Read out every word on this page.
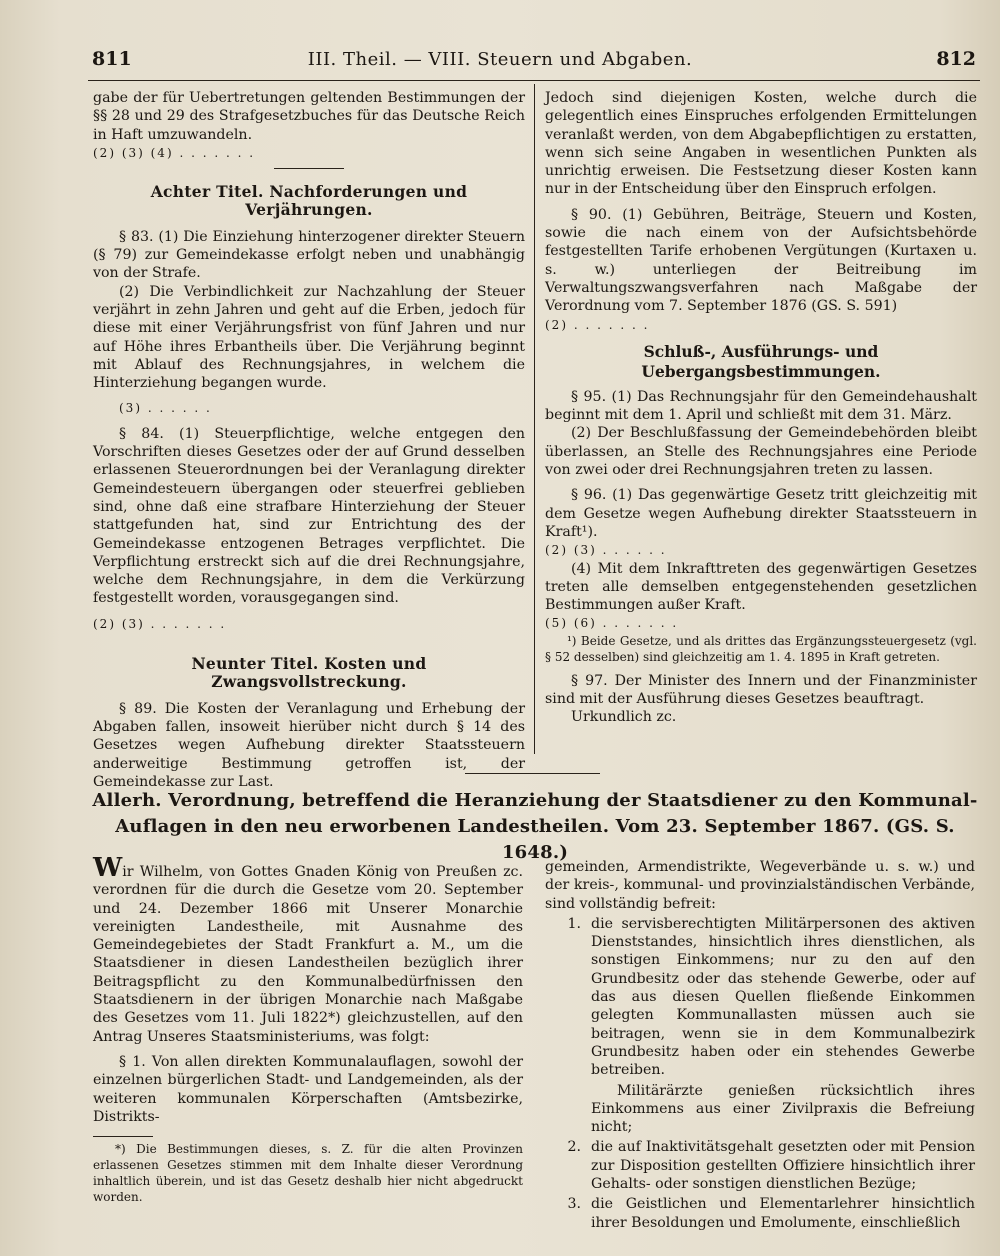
811	III. Theil. — VIII. Steuern und Abgaben.	812

gabe der für Uebertretungen geltenden Bestimmungen der §§ 28 und 29 des Strafgesetzbuches für das Deutsche Reich in Haft umzuwandeln.

(2) (3) (4) . . . . . . .

Achter Titel. Nachforderungen und Verjährungen.

§ 83. (1) Die Einziehung hinterzogener direkter Steuern (§ 79) zur Gemeindekasse erfolgt neben und unabhängig von der Strafe.

(2) Die Verbindlichkeit zur Nachzahlung der Steuer verjährt in zehn Jahren und geht auf die Erben, jedoch für diese mit einer Verjährungsfrist von fünf Jahren und nur auf Höhe ihres Erbantheils über. Die Verjährung beginnt mit Ablauf des Rechnungsjahres, in welchem die Hinterziehung begangen wurde.

(3) . . . . . .

§ 84. (1) Steuerpflichtige, welche entgegen den Vorschriften dieses Gesetzes oder der auf Grund desselben erlassenen Steuerordnungen bei der Veranlagung direkter Gemeindesteuern übergangen oder steuerfrei geblieben sind, ohne daß eine strafbare Hinterziehung der Steuer stattgefunden hat, sind zur Entrichtung des der Gemeindekasse entzogenen Betrages verpflichtet. Die Verpflichtung erstreckt sich auf die drei Rechnungsjahre, welche dem Rechnungsjahre, in dem die Verkürzung festgestellt worden, vorausgegangen sind.

(2) (3) . . . . . . .

Neunter Titel. Kosten und Zwangsvollstreckung.

§ 89. Die Kosten der Veranlagung und Erhebung der Abgaben fallen, insoweit hierüber nicht durch § 14 des Gesetzes wegen Aufhebung direkter Staatssteuern anderweitige Bestimmung getroffen ist, der Gemeindekasse zur Last.

Jedoch sind diejenigen Kosten, welche durch die gelegentlich eines Einspruches erfolgenden Ermittelungen veranlaßt werden, von dem Abgabepflichtigen zu erstatten, wenn sich seine Angaben in wesentlichen Punkten als unrichtig erweisen. Die Festsetzung dieser Kosten kann nur in der Entscheidung über den Einspruch erfolgen.

§ 90. (1) Gebühren, Beiträge, Steuern und Kosten, sowie die nach einem von der Aufsichtsbehörde festgestellten Tarife erhobenen Vergütungen (Kurtaxen u. s. w.) unterliegen der Beitreibung im Verwaltungszwangsverfahren nach Maßgabe der Verordnung vom 7. September 1876 (GS. S. 591)

(2) . . . . . . .

Schluß-, Ausführungs- und Uebergangsbestimmungen.

§ 95. (1) Das Rechnungsjahr für den Gemeindehaushalt beginnt mit dem 1. April und schließt mit dem 31. März.

(2) Der Beschlußfassung der Gemeindebehörden bleibt überlassen, an Stelle des Rechnungsjahres eine Periode von zwei oder drei Rechnungsjahren treten zu lassen.

§ 96. (1) Das gegenwärtige Gesetz tritt gleichzeitig mit dem Gesetze wegen Aufhebung direkter Staatssteuern in Kraft¹).

(2) (3) . . . . . .

(4) Mit dem Inkrafttreten des gegenwärtigen Gesetzes treten alle demselben entgegenstehenden gesetzlichen Bestimmungen außer Kraft.

(5) (6) . . . . . . .

¹) Beide Gesetze, und als drittes das Ergänzungssteuergesetz (vgl. § 52 desselben) sind gleichzeitig am 1. 4. 1895 in Kraft getreten.

§ 97. Der Minister des Innern und der Finanzminister sind mit der Ausführung dieses Gesetzes beauftragt.

Urkundlich zc.

Allerh. Verordnung, betreffend die Heranziehung der Staatsdiener zu den Kommunal-Auflagen in den neu erworbenen Landestheilen. Vom 23. September 1867. (GS. S. 1648.)

Wir Wilhelm, von Gottes Gnaden König von Preußen zc. verordnen für die durch die Gesetze vom 20. September und 24. Dezember 1866 mit Unserer Monarchie vereinigten Landestheile, mit Ausnahme des Gemeindegebietes der Stadt Frankfurt a. M., um die Staatsdiener in diesen Landestheilen bezüglich ihrer Beitragspflicht zu den Kommunalbedürfnissen den Staatsdienern in der übrigen Monarchie nach Maßgabe des Gesetzes vom 11. Juli 1822*) gleichzustellen, auf den Antrag Unseres Staatsministeriums, was folgt:

§ 1. Von allen direkten Kommunalauflagen, sowohl der einzelnen bürgerlichen Stadt- und Landgemeinden, als der weiteren kommunalen Körperschaften (Amtsbezirke, Distrikts-

*) Die Bestimmungen dieses, s. Z. für die alten Provinzen erlassenen Gesetzes stimmen mit dem Inhalte dieser Verordnung inhaltlich überein, und ist das Gesetz deshalb hier nicht abgedruckt worden.

gemeinden, Armendistrikte, Wegeverbände u. s. w.) und der kreis-, kommunal- und provinzialständischen Verbände, sind vollständig befreit:

1. die servisberechtigten Militärpersonen des aktiven Dienststandes, hinsichtlich ihres dienstlichen, als sonstigen Einkommens; nur zu den auf den Grundbesitz oder das stehende Gewerbe, oder auf das aus diesen Quellen fließende Einkommen gelegten Kommunallasten müssen auch sie beitragen, wenn sie in dem Kommunalbezirk Grundbesitz haben oder ein stehendes Gewerbe betreiben.
Militärärzte genießen rücksichtlich ihres Einkommens aus einer Zivilpraxis die Befreiung nicht;
2. die auf Inaktivitätsgehalt gesetzten oder mit Pension zur Disposition gestellten Offiziere hinsichtlich ihrer Gehalts- oder sonstigen dienstlichen Bezüge;
3. die Geistlichen und Elementarlehrer hinsichtlich ihrer Besoldungen und Emolumente, einschließlich
